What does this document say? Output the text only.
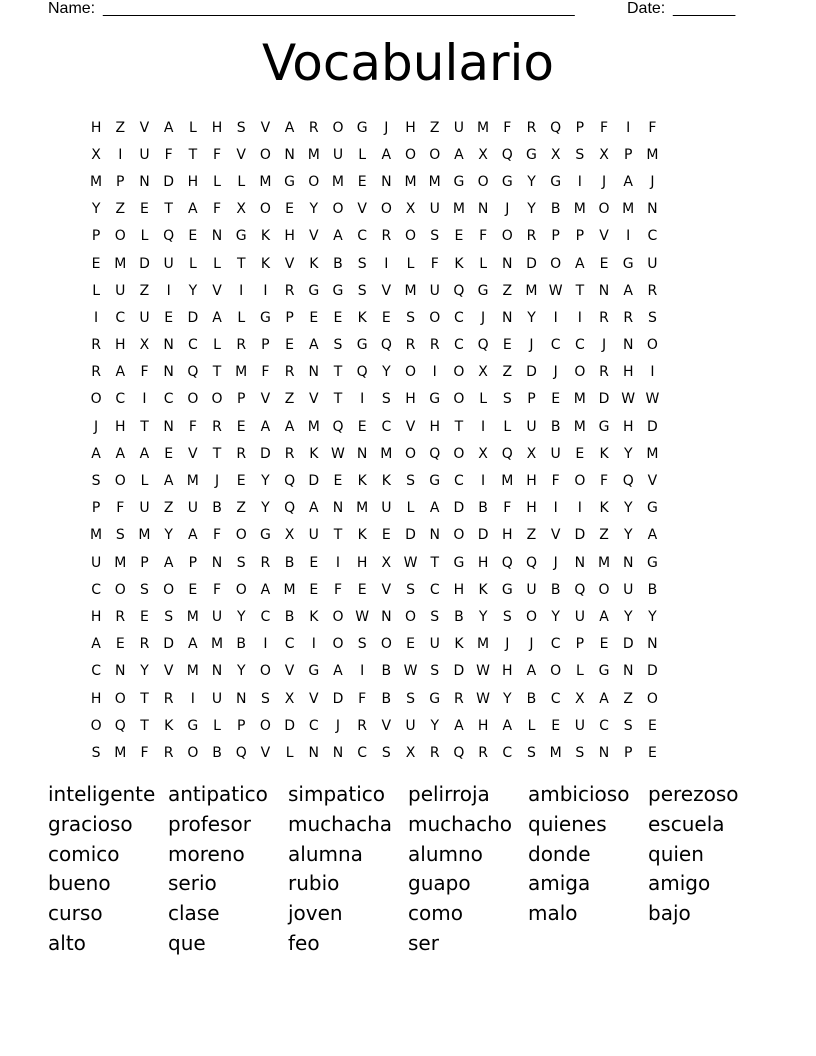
Name: _____________________________________________________	Date: _______
Vocabulario
H	Z	V	A	L	H	S	V	A	R O G	J	H	Z	U M	F	R Q	P	F	I	F
X	I	U	F	T	F	V O N M U	L	A O O A	X Q G X	S	X	P M
M P	N D H	L	L	M G O M E	N M M G O G	Y	G	I	J	A	J
Y	Z	E	T	A	F	X O	E	Y	O V O X	U M N	J	Y	B M O M N
P	O	L	Q	E	N G	K	H	V	A	C	R O	S	E	F	O R	P	P	V	I	C
E M D U	L	L	T	K	V	K	B	S	I	L	F	K	L	N D O A	E	G U
L	U	Z	I	Y	V	I	I	R G G	S	V M U Q G Z M W T	N	A	R
I	C	U	E	D	A	L	G	P	E	E	K	E	S	O C	J	N	Y	I	I	R	R	S
R	H	X	N	C	L	R	P	E	A	S	G Q R	R	C Q	E	J	C	C	J	N O
R	A	F	N Q	T M	F	R	N	T	Q	Y	O	I	O X	Z	D	J	O R	H	I
O C	I	C O O	P	V	Z	V	T	I	S	H G O	L	S	P	E M D W W
J	H	T	N	F	R	E	A	A M Q	E	C	V	H	T	I	L	U	B M G H D
A	A	A	E	V	T	R D R	K W N M O Q O X Q X	U	E	K	Y M
S	O	L	A M	J	E	Y	Q D	E	K	K	S	G C	I	M H	F	O	F	Q V
P	F	U	Z	U	B	Z	Y	Q A	N M U	L	A	D B	F	H	I	I	K	Y	G
M S M Y	A	F	O G X	U	T	K	E	D N O D H	Z	V	D	Z	Y	A
U M P	A	P	N	S	R	B	E	I	H	X W T	G H Q Q	J	N M N G
C O	S	O	E	F	O A M E	F	E	V	S	C	H	K	G U	B Q O U	B
H	R	E	S M U	Y	C	B	K	O W N O	S	B	Y	S	O	Y	U	A	Y	Y
A	E	R D	A M B	I	C	I	O	S	O	E	U	K M	J	J	C	P	E	D N
C	N	Y	V M N	Y	O V G A	I	B W S	D W H	A O	L	G N D
H O	T	R	I	U N	S	X	V	D	F	B	S	G R W Y	B	C	X	A	Z O
O Q	T	K	G	L	P	O D C	J	R	V	U	Y	A	H	A	L	E	U	C	S	E
S M	F	R O B Q V	L	N N	C	S	X	R Q R	C	S M S	N	P	E
inteligente antipatico	simpatico	pelirroja	ambicioso perezoso
gracioso	profesor	muchacha muchacho quienes	escuela
comico	moreno	alumna	alumno	donde	quien
bueno	serio	rubio	guapo	amiga	amigo
curso	clase	joven	como	malo	bajo
alto	que	feo	ser
